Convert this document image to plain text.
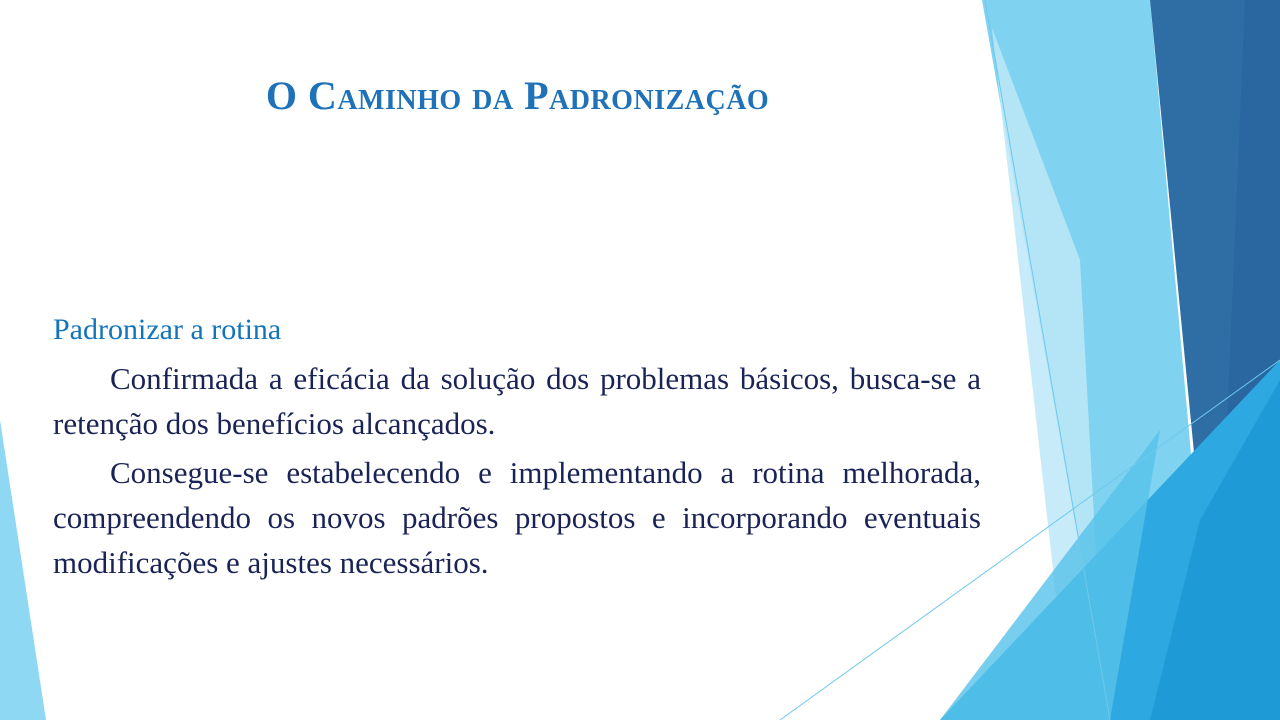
O Caminho da Padronização

Padronizar a rotina

Confirmada a eficácia da solução dos problemas básicos, busca-se a retenção dos benefícios alcançados.

Consegue-se estabelecendo e implementando a rotina melhorada, compreendendo os novos padrões propostos e incorporando eventuais modificações e ajustes necessários.
